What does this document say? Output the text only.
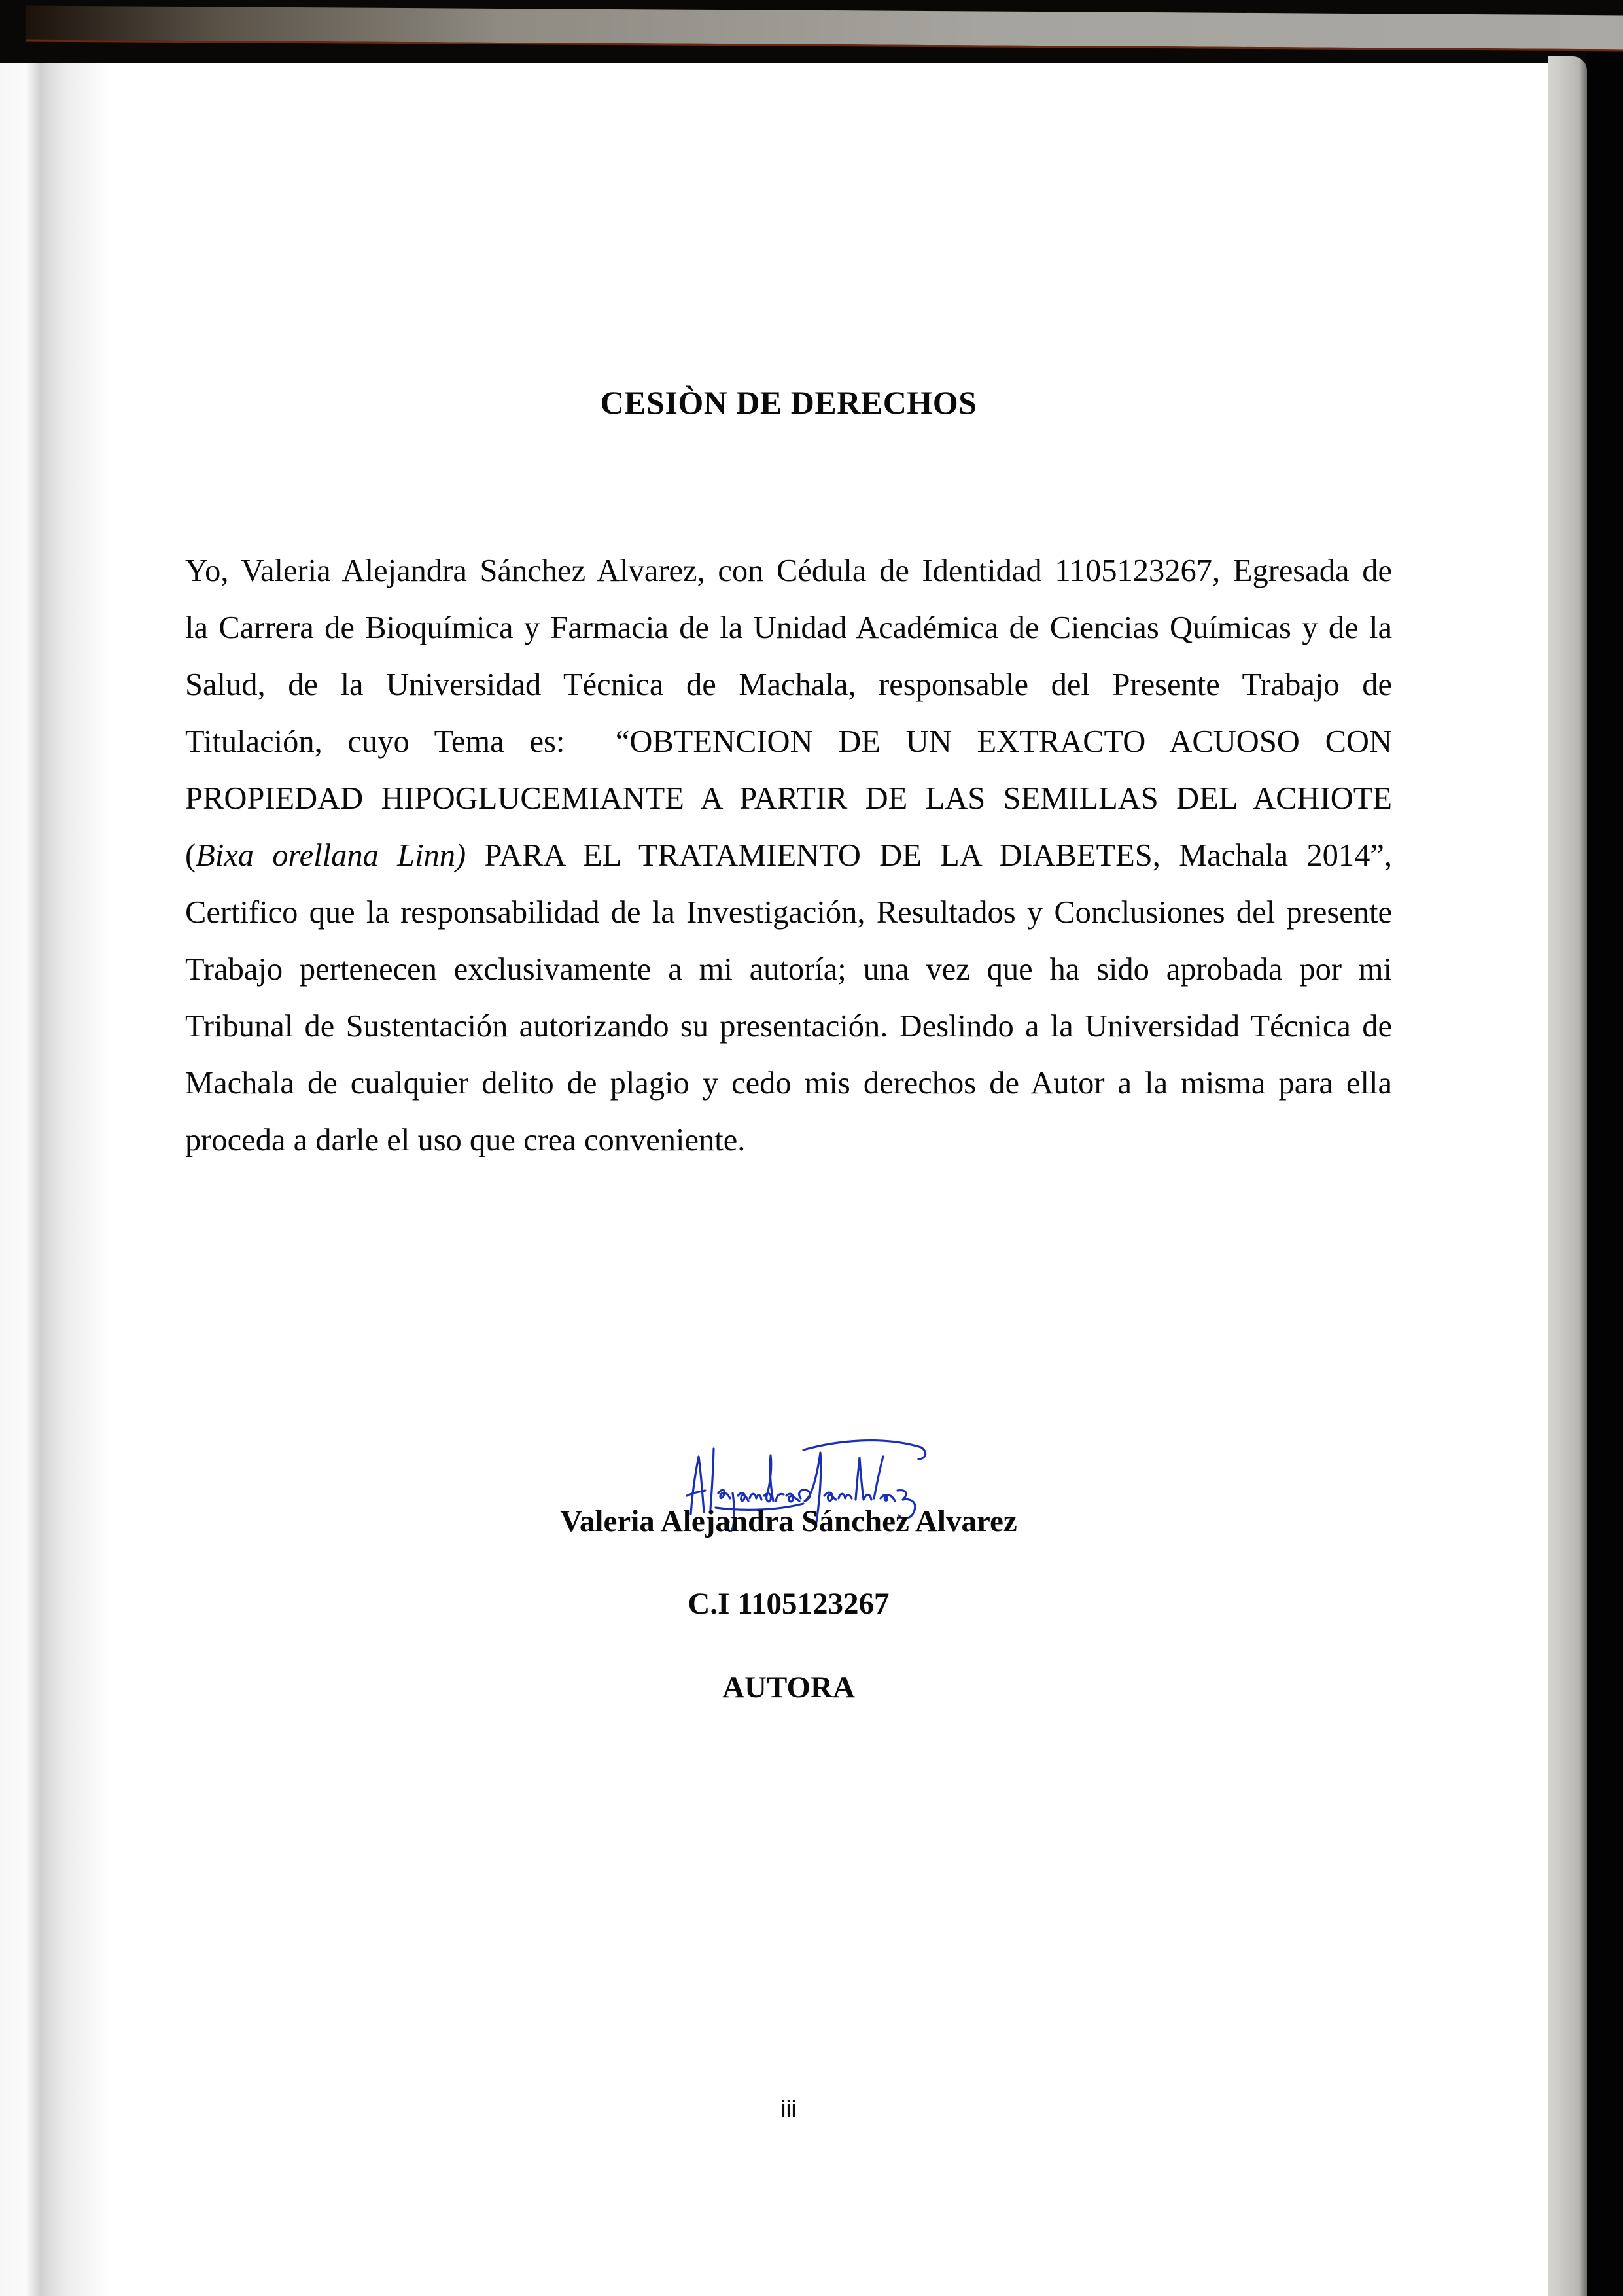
CESIÒN DE DERECHOS
Yo, Valeria Alejandra Sánchez Alvarez, con Cédula de Identidad 1105123267, Egresada de
la Carrera de Bioquímica y Farmacia de la Unidad Académica de Ciencias Químicas y de la
Salud, de la Universidad Técnica de Machala, responsable del Presente Trabajo de
Titulación, cuyo Tema es:  “OBTENCION DE UN EXTRACTO ACUOSO CON
PROPIEDAD HIPOGLUCEMIANTE A PARTIR DE LAS SEMILLAS DEL ACHIOTE
(Bixa orellana Linn) PARA EL TRATAMIENTO DE LA DIABETES, Machala 2014”,
Certifico que la responsabilidad de la Investigación, Resultados y Conclusiones del presente
Trabajo pertenecen exclusivamente a mi autoría; una vez que ha sido aprobada por mi
Tribunal de Sustentación autorizando su presentación. Deslindo a la Universidad Técnica de
Machala de cualquier delito de plagio y cedo mis derechos de Autor a la misma para ella
proceda a darle el uso que crea conveniente.
Valeria Alejandra Sánchez Alvarez
C.I 1105123267
AUTORA
iii
